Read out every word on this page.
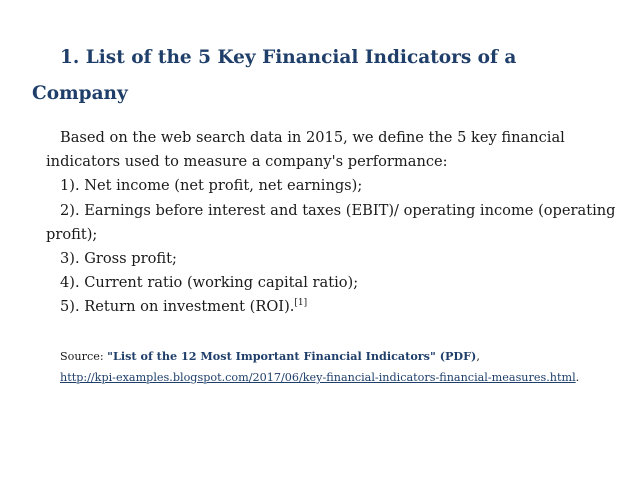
1. List of the 5 Key Financial Indicators of a
Company

Based on the web search data in 2015, we define the 5 key financial indicators used to measure a company's performance:

1). Net income (net profit, net earnings);

2). Earnings before interest and taxes (EBIT)/ operating income (operating profit);

3). Gross profit;

4). Current ratio (working capital ratio);

5). Return on investment (ROI).[1]

Source: "List of the 12 Most Important Financial Indicators" (PDF),
http://kpi-examples.blogspot.com/2017/06/key-financial-indicators-financial-measures.html.
